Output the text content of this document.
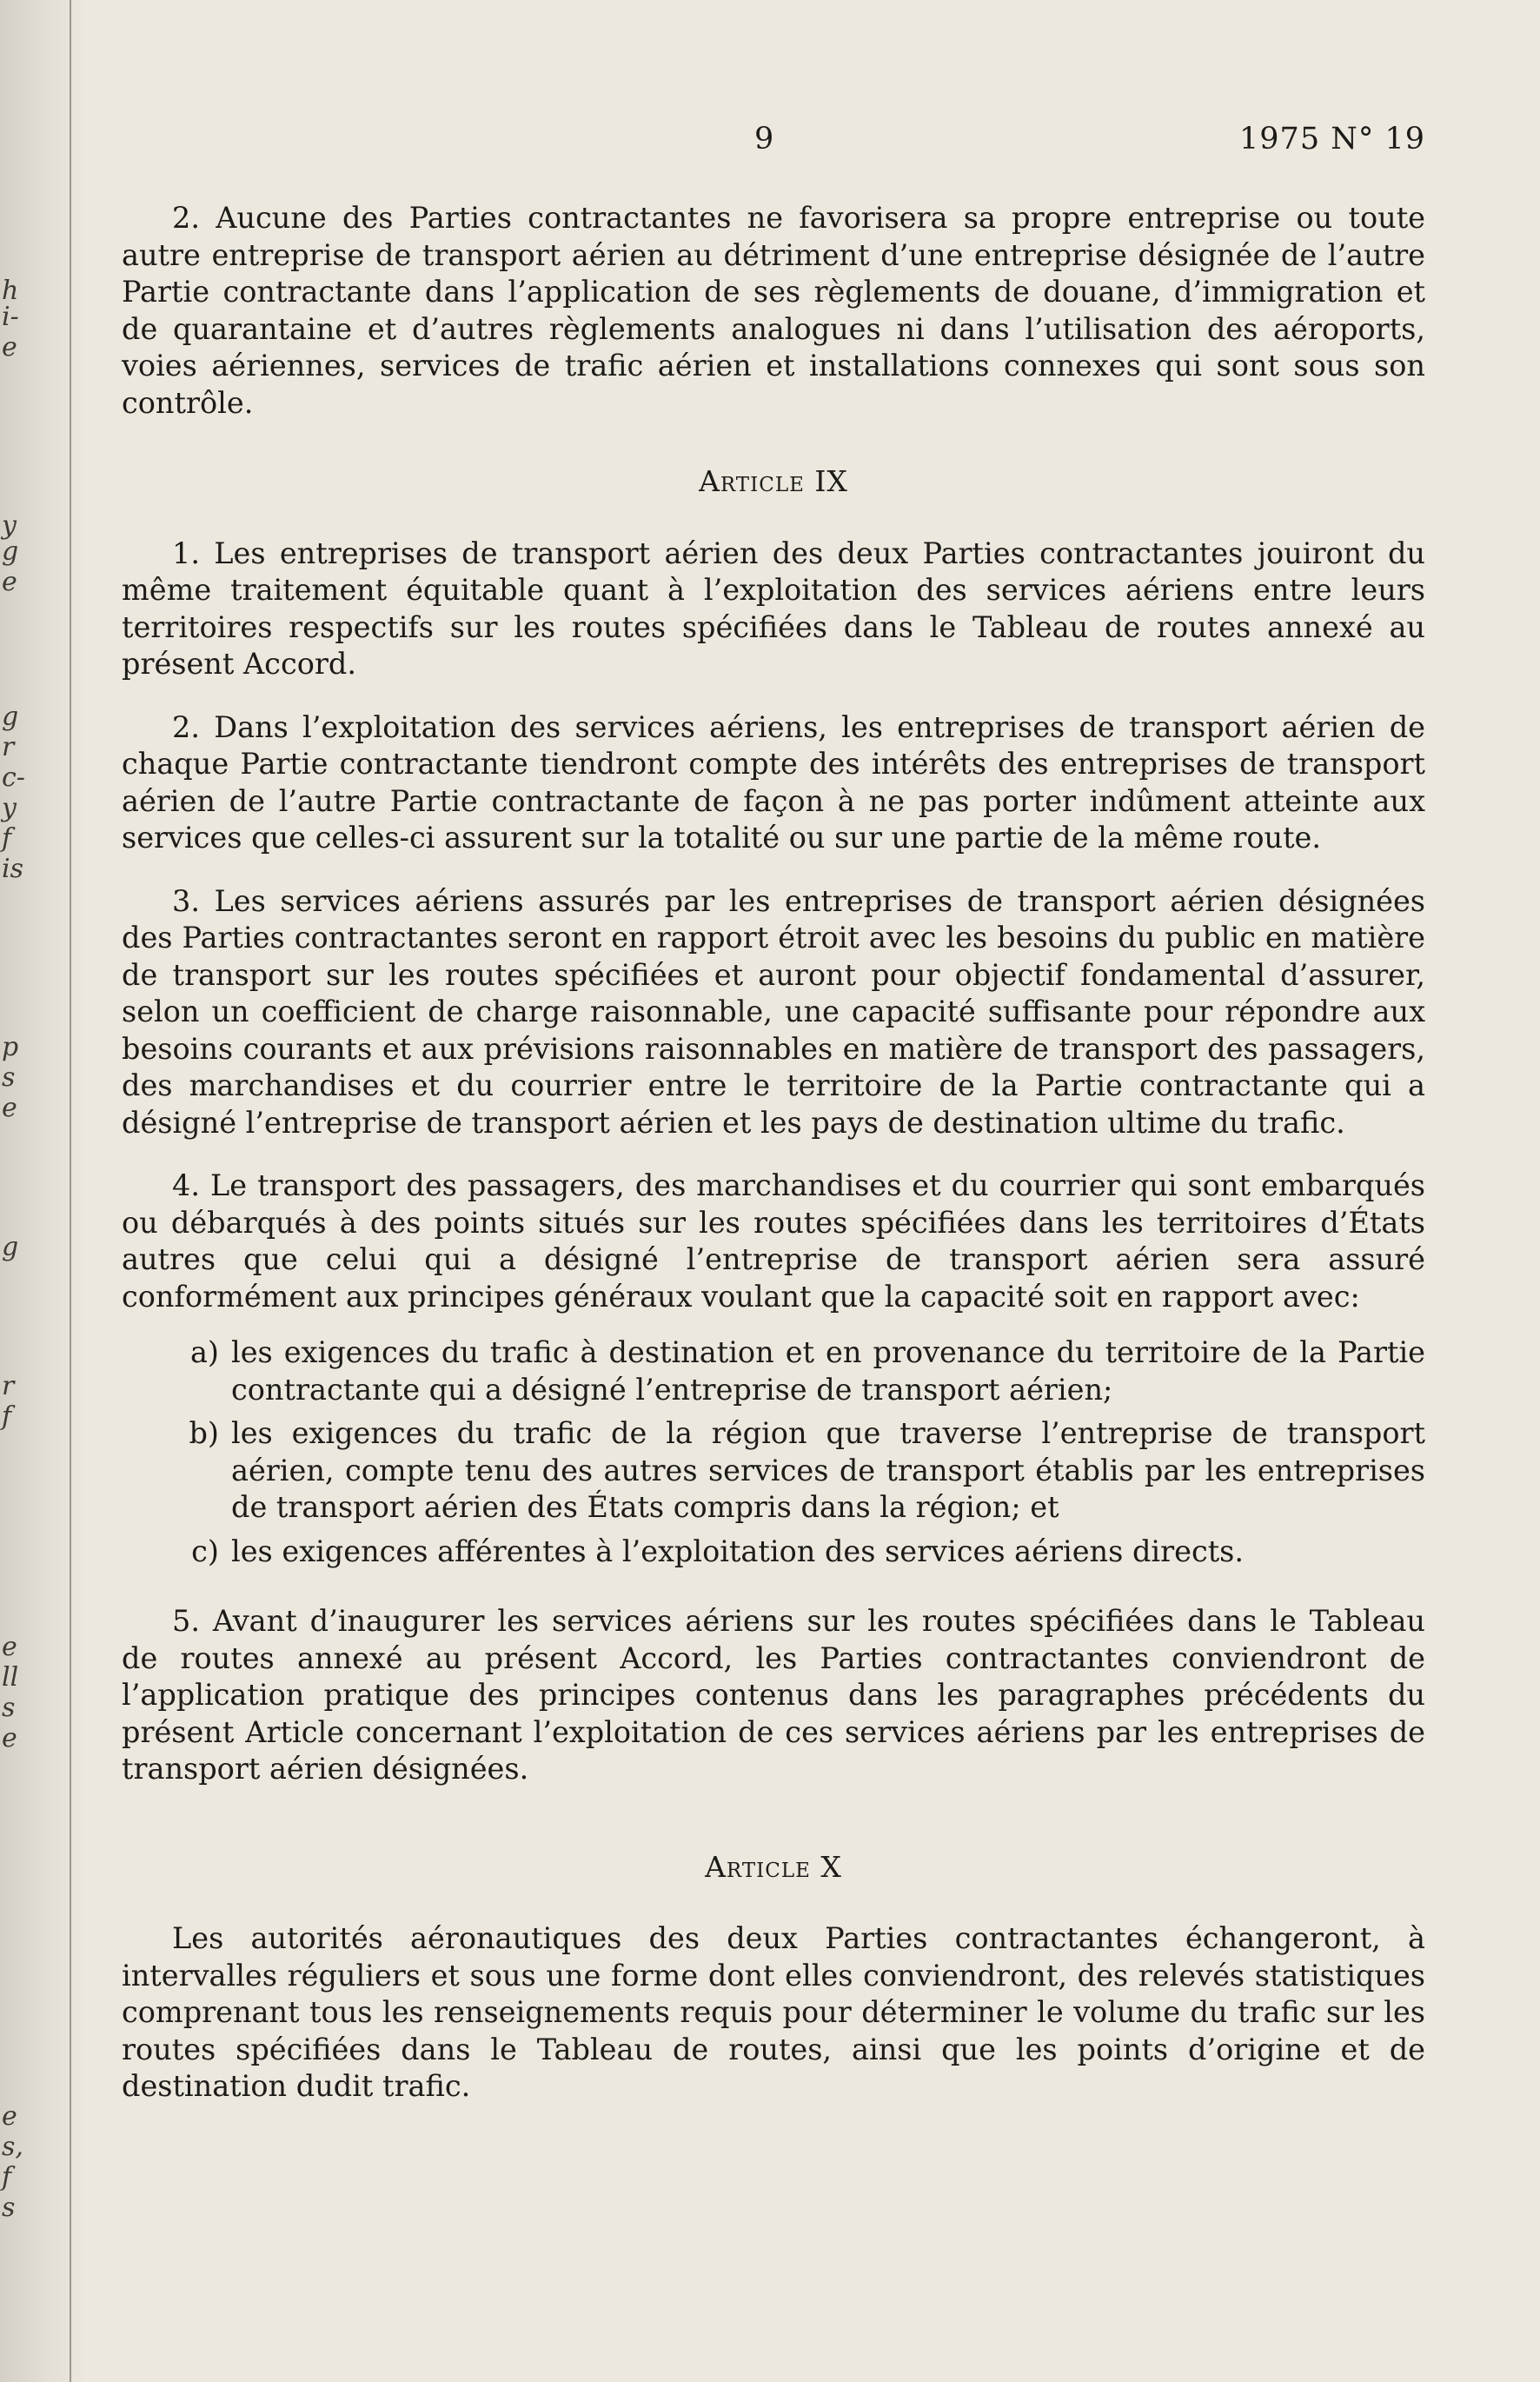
h
i-
e
y
g
e
g
r
c-
y
f
is
p
s
e
g
r
f
e
ll
s
e
e
s,
f
s
9	1975 N° 19

2. Aucune des Parties contractantes ne favorisera sa propre entreprise ou toute autre entreprise de transport aérien au détriment d’une entreprise désignée de l’autre Partie contractante dans l’application de ses règlements de douane, d’immigration et de quarantaine et d’autres règlements analogues ni dans l’utilisation des aéroports, voies aériennes, services de trafic aérien et installations connexes qui sont sous son contrôle.

Article IX

1. Les entreprises de transport aérien des deux Parties contractantes jouiront du même traitement équitable quant à l’exploitation des services aériens entre leurs territoires respectifs sur les routes spécifiées dans le Tableau de routes annexé au présent Accord.

2. Dans l’exploitation des services aériens, les entreprises de transport aérien de chaque Partie contractante tiendront compte des intérêts des entreprises de transport aérien de l’autre Partie contractante de façon à ne pas porter indûment atteinte aux services que celles-ci assurent sur la totalité ou sur une partie de la même route.

3. Les services aériens assurés par les entreprises de transport aérien désignées des Parties contractantes seront en rapport étroit avec les besoins du public en matière de transport sur les routes spécifiées et auront pour objectif fondamental d’assurer, selon un coefficient de charge raisonnable, une capacité suffisante pour répondre aux besoins courants et aux prévisions raisonnables en matière de transport des passagers, des marchandises et du courrier entre le territoire de la Partie contractante qui a désigné l’entreprise de transport aérien et les pays de destination ultime du trafic.

4. Le transport des passagers, des marchandises et du courrier qui sont embarqués ou débarqués à des points situés sur les routes spécifiées dans les territoires d’États autres que celui qui a désigné l’entreprise de transport aérien sera assuré conformément aux principes généraux voulant que la capacité soit en rapport avec:

a) les exigences du trafic à destination et en provenance du territoire de la Partie contractante qui a désigné l’entreprise de transport aérien;
b) les exigences du trafic de la région que traverse l’entreprise de transport aérien, compte tenu des autres services de transport établis par les entreprises de transport aérien des États compris dans la région; et
c) les exigences afférentes à l’exploitation des services aériens directs.

5. Avant d’inaugurer les services aériens sur les routes spécifiées dans le Tableau de routes annexé au présent Accord, les Parties contractantes conviendront de l’application pratique des principes contenus dans les paragraphes précédents du présent Article concernant l’exploitation de ces services aériens par les entreprises de transport aérien désignées.

Article X

Les autorités aéronautiques des deux Parties contractantes échangeront, à intervalles réguliers et sous une forme dont elles conviendront, des relevés statistiques comprenant tous les renseignements requis pour déterminer le volume du trafic sur les routes spécifiées dans le Tableau de routes, ainsi que les points d’origine et de destination dudit trafic.
